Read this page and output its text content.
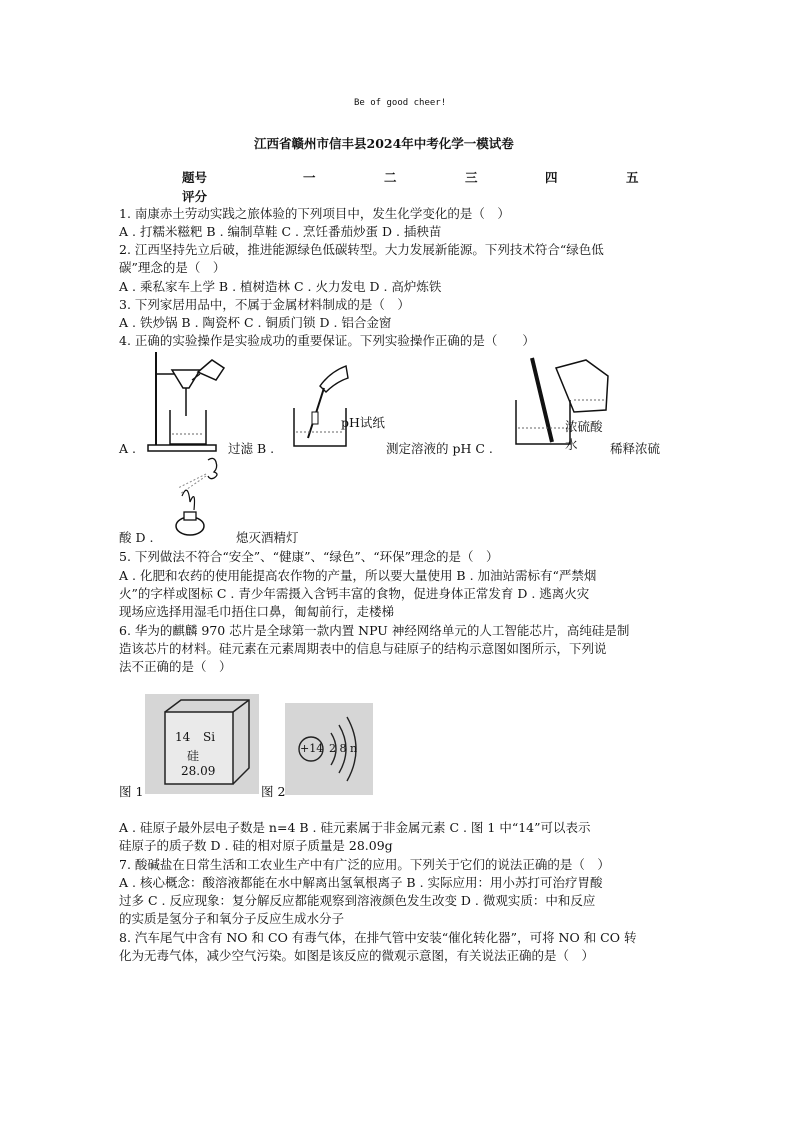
Be of good cheer!
江西省赣州市信丰县2024年中考化学一模试卷
题号	一	二	三	四	五
评分
1. 南康赤土劳动实践之旅体验的下列项目中，发生化学变化的是（　）
A . 打糯米糍粑 B . 编制草鞋 C . 烹饪番茄炒蛋 D . 插秧苗
2. 江西坚持先立后破，推进能源绿色低碳转型。大力发展新能源。下列技术符合“绿色低
碳”理念的是（　）
A . 乘私家车上学 B . 植树造林 C . 火力发电 D . 高炉炼铁
3. 下列家居用品中，不属于金属材料制成的是（　）
A . 铁炒锅 B . 陶瓷杯 C . 铜质门锁 D . 铝合金窗
4. 正确的实验操作是实验成功的重要保证。下列实验操作正确的是（　　）
A .	过滤 B .
pH试纸
测定溶液的 pH C .
浓硫酸
水	稀释浓硫
酸 D .	熄灭酒精灯
5. 下列做法不符合“安全”、“健康”、“绿色”、“环保”理念的是（　）
A . 化肥和农药的使用能提高农作物的产量，所以要大量使用 B . 加油站需标有“严禁烟
火”的字样或图标 C . 青少年需摄入含钙丰富的食物，促进身体正常发育 D . 逃离火灾
现场应选择用湿毛巾捂住口鼻，匍匐前行，走楼梯
6. 华为的麒麟 970 芯片是全球第一款内置 NPU 神经网络单元的人工智能芯片，高纯硅是制
造该芯片的材料。硅元素在元素周期表中的信息与硅原子的结构示意图如图所示，下列说
法不正确的是（　）
14 Si
硅
28.09
图 1
+14 2 8 n
图 2
A . 硅原子最外层电子数是 n=4 B . 硅元素属于非金属元素 C . 图 1 中“14”可以表示
硅原子的质子数 D . 硅的相对原子质量是 28.09g
7. 酸碱盐在日常生活和工农业生产中有广泛的应用。下列关于它们的说法正确的是（　）
A . 核心概念：酸溶液都能在水中解离出氢氧根离子 B . 实际应用：用小苏打可治疗胃酸
过多 C . 反应现象：复分解反应都能观察到溶液颜色发生改变 D . 微观实质：中和反应
的实质是氢分子和氧分子反应生成水分子
8. 汽车尾气中含有 NO 和 CO 有毒气体，在排气管中安装“催化转化器”，可将 NO 和 CO 转
化为无毒气体，减少空气污染。如图是该反应的微观示意图，有关说法正确的是（　）
